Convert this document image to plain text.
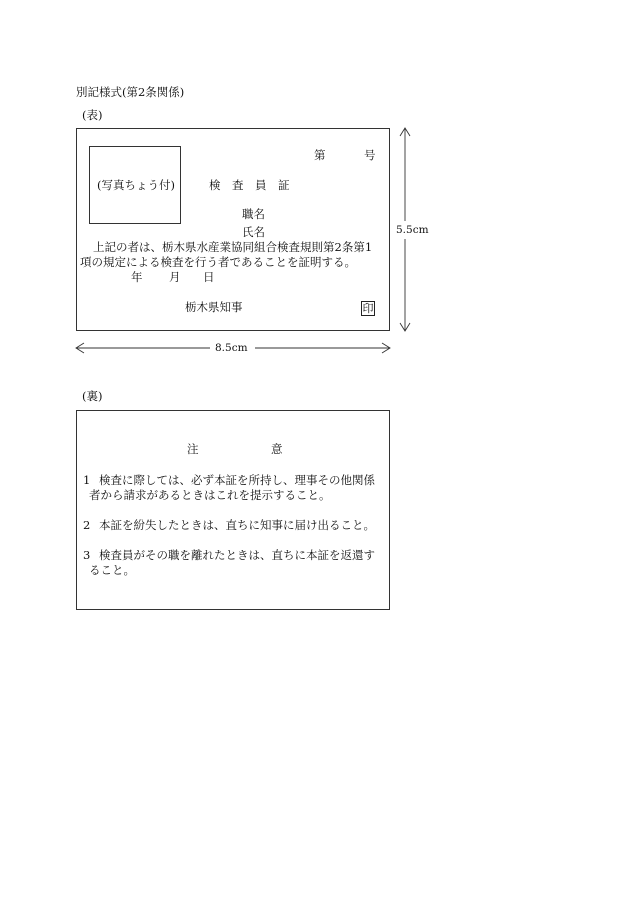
別記様式(第2条関係)
(表)
(写真ちょう付)
第	号
検　査　員　証
職名
氏名
上記の者は、栃木県水産業協同組合検査規則第2条第1
項の規定による検査を行う者であることを証明する。
年 月 日
栃木県知事	印
5.5cm
8.5cm
(裏)
注	意
1 検査に際しては、必ず本証を所持し、理事その他関係
者から請求があるときはこれを提示すること。
2 本証を紛失したときは、直ちに知事に届け出ること。
3 検査員がその職を離れたときは、直ちに本証を返還す
ること。
